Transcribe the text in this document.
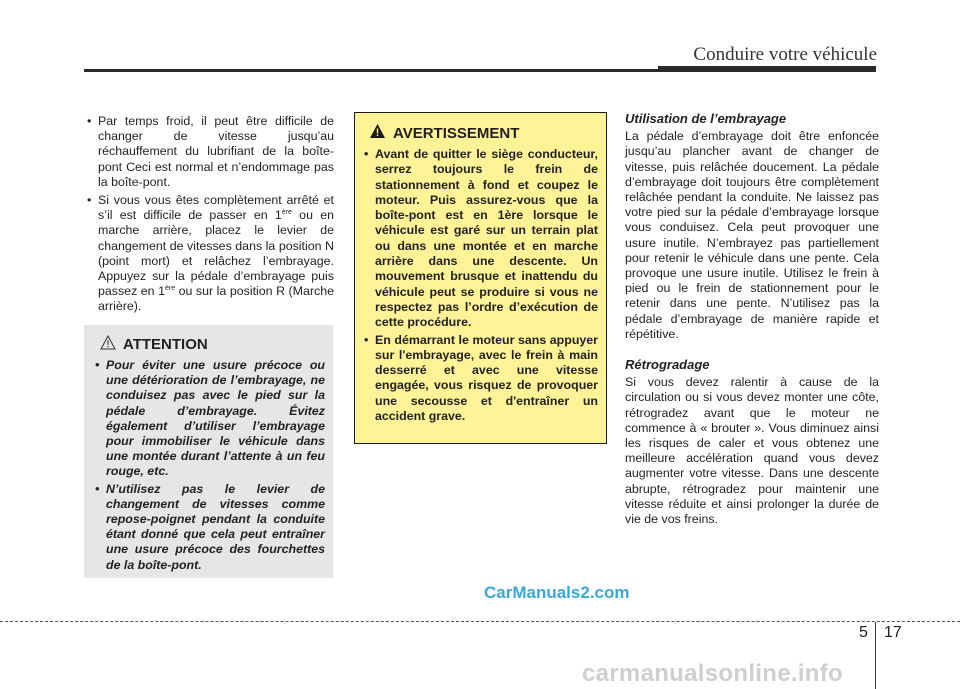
Conduire votre véhicule
• Par temps froid, il peut être difficile de changer de vitesse jusqu’au réchauffement du lubrifiant de la boîte-pont Ceci est normal et n’endommage pas la boîte-pont.
• Si vous vous êtes complètement arrêté et s’il est difficile de passer en 1ère ou en marche arrière, placez le levier de changement de vitesses dans la position N (point mort) et relâchez l’embrayage. Appuyez sur la pédale d’embrayage puis passez en 1ère ou sur la position R (Marche arrière).
ATTENTION
• Pour éviter une usure précoce ou une détérioration de l’embrayage, ne conduisez pas avec le pied sur la pédale d’embrayage. Évitez également d’utiliser l’embrayage pour immobiliser le véhicule dans une montée durant l’attente à un feu rouge, etc.
• N’utilisez pas le levier de changement de vitesses comme repose-poignet pendant la conduite étant donné que cela peut entraîner une usure précoce des fourchettes de la boîte-pont.
AVERTISSEMENT
• Avant de quitter le siège conducteur, serrez toujours le frein de stationnement à fond et coupez le moteur. Puis assurez-vous que la boîte-pont est en 1ère lorsque le véhicule est garé sur un terrain plat ou dans une montée et en marche arrière dans une descente. Un mouvement brusque et inattendu du véhicule peut se produire si vous ne respectez pas l’ordre d’exécution de cette procédure.
• En démarrant le moteur sans appuyer sur l'embrayage, avec le frein à main desserré et avec une vitesse engagée, vous risquez de provoquer une secousse et d'entraîner un accident grave.
Utilisation de l’embrayage

La pédale d’embrayage doit être enfoncée jusqu’au plancher avant de changer de vitesse, puis relâchée doucement. La pédale d’embrayage doit toujours être complètement relâchée pendant la conduite. Ne laissez pas votre pied sur la pédale d’embrayage lorsque vous conduisez. Cela peut provoquer une usure inutile. N’embrayez pas partiellement pour retenir le véhicule dans une pente. Cela provoque une usure inutile. Utilisez le frein à pied ou le frein de stationnement pour le retenir dans une pente. N’utilisez pas la pédale d’embrayage de manière rapide et répétitive.

Rétrogradage

Si vous devez ralentir à cause de la circulation ou si vous devez monter une côte, rétrogradez avant que le moteur ne commence à « brouter ». Vous diminuez ainsi les risques de caler et vous obtenez une meilleure accélération quand vous devez augmenter votre vitesse. Dans une descente abrupte, rétrogradez pour maintenir une vitesse réduite et ainsi prolonger la durée de vie de vos freins.

CarManuals2.com
5 17
carmanualsonline.info
